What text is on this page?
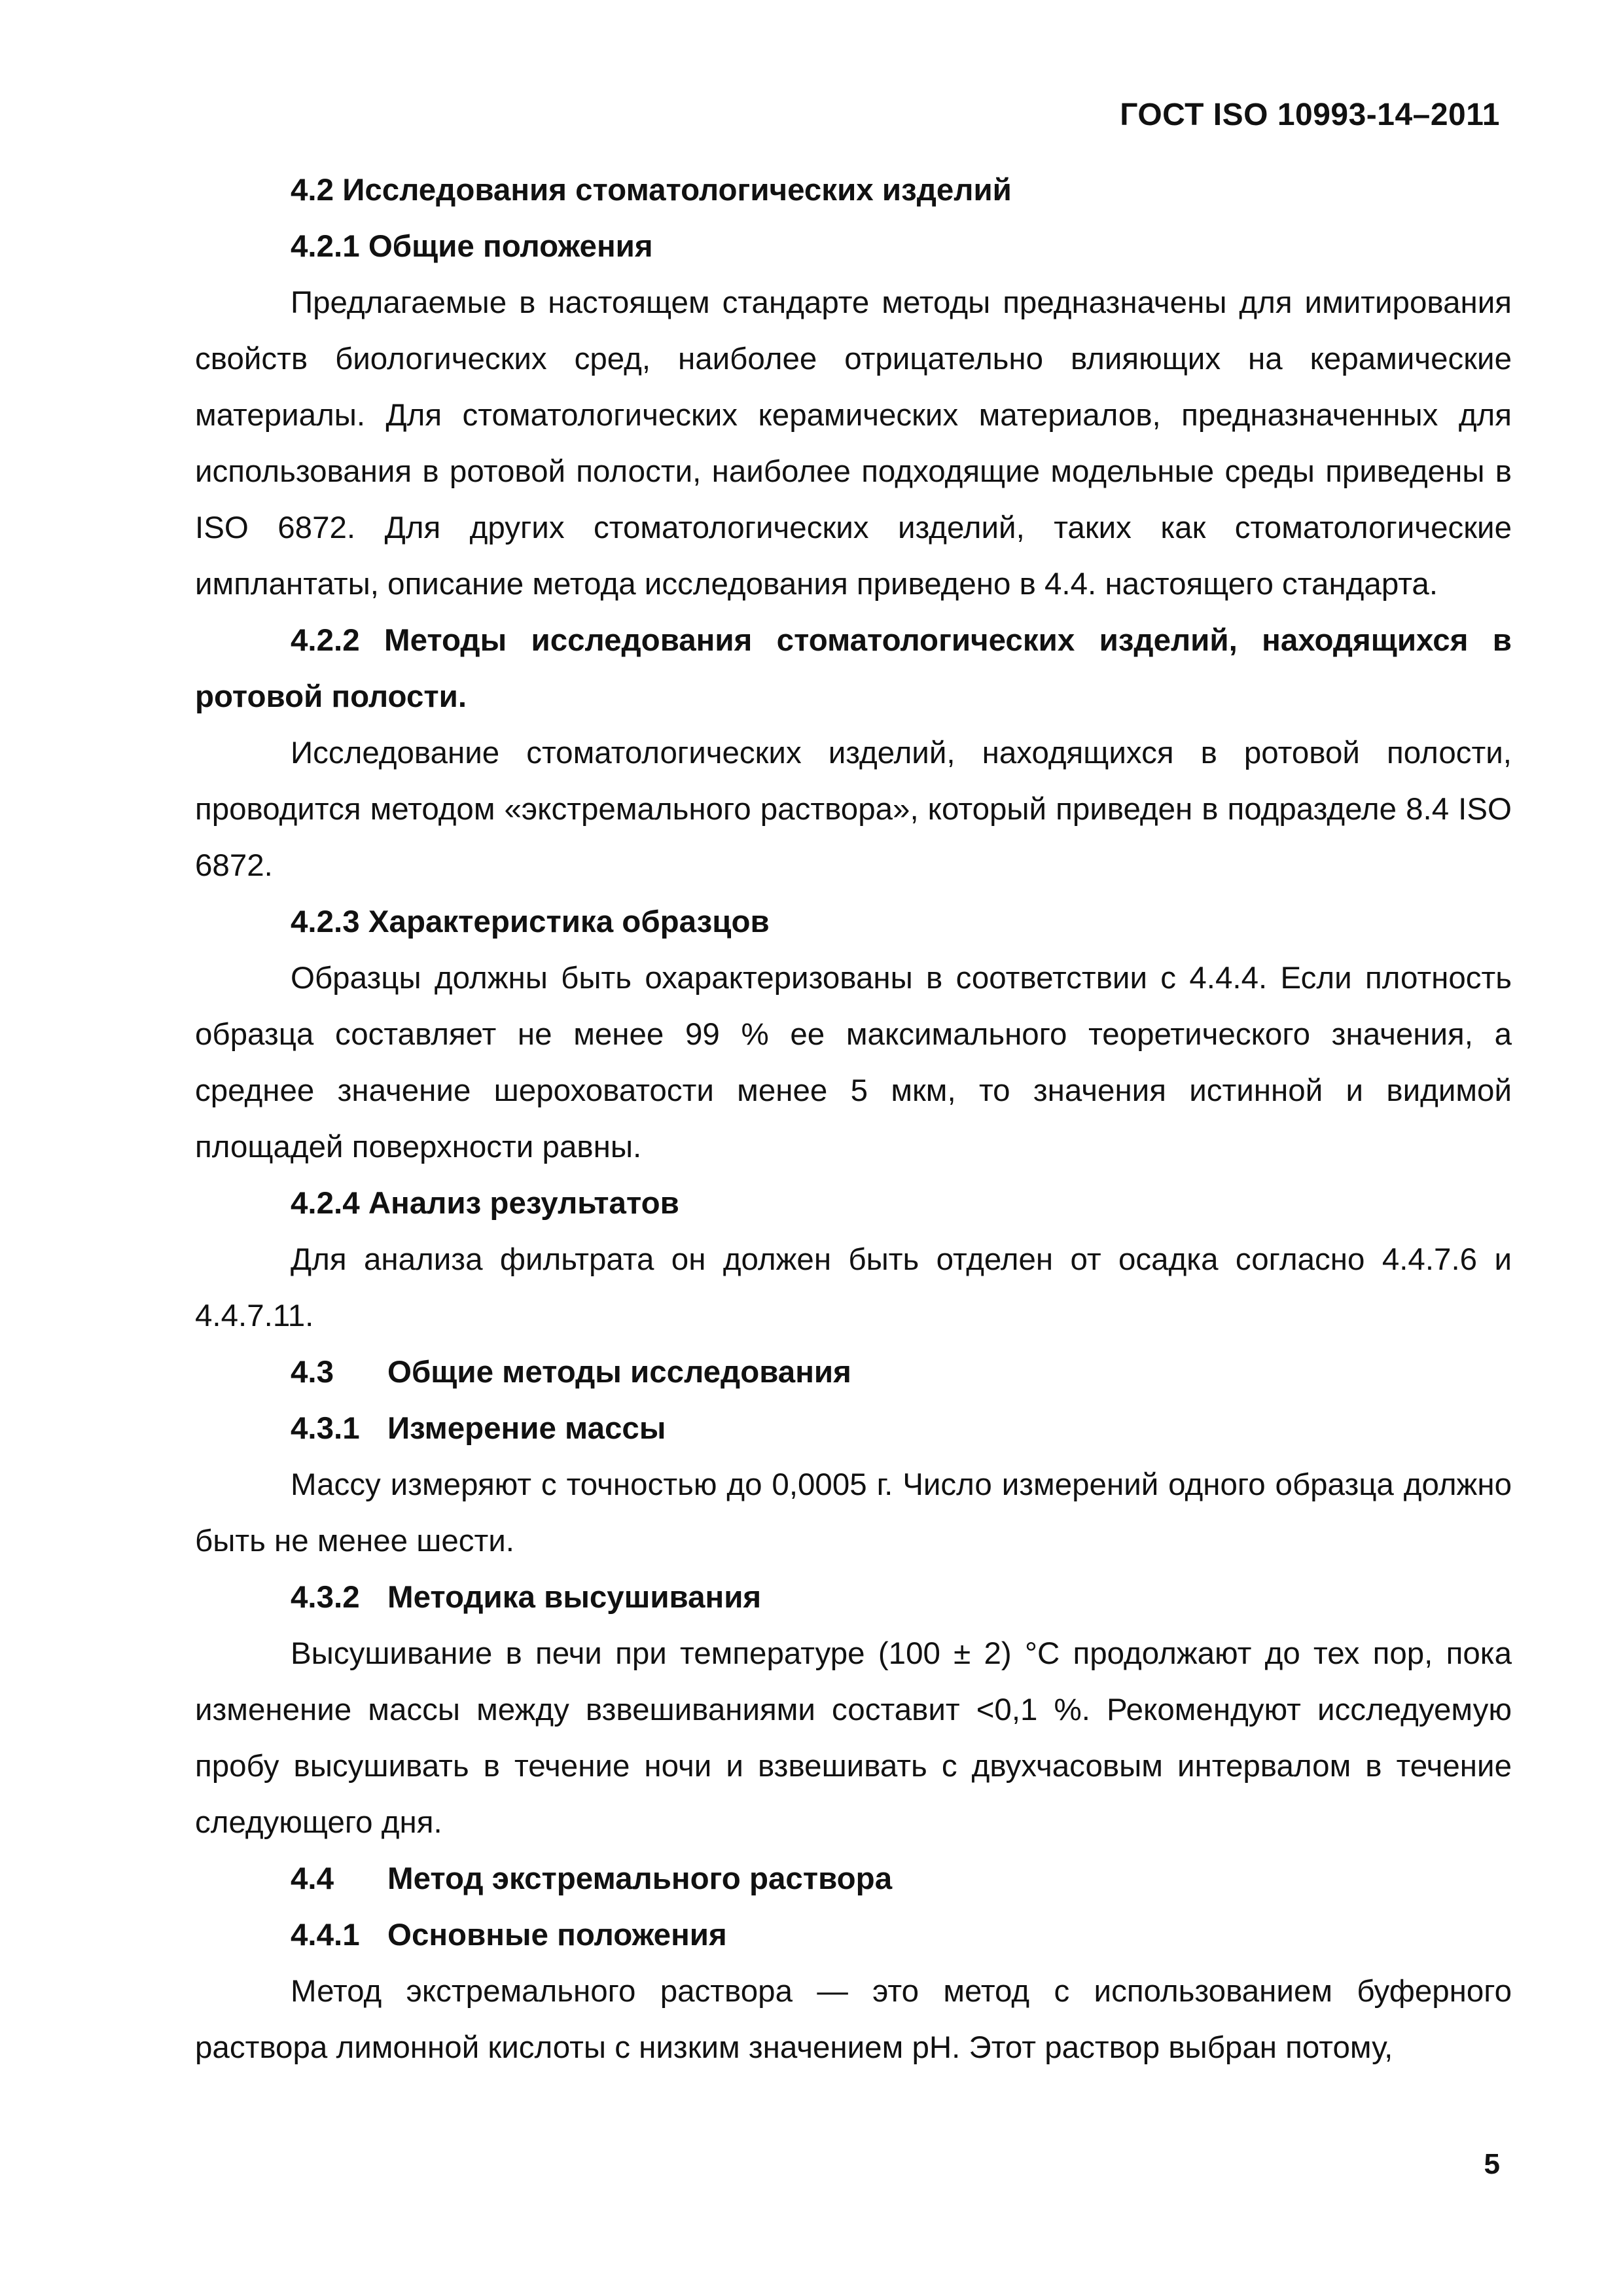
ГОСТ ISO 10993-14–2011
4.2 Исследования стоматологических изделий
4.2.1 Общие положения

Предлагаемые в настоящем стандарте методы предназначены для имитирования свойств биологических сред, наиболее отрицательно влияющих на керамические материалы. Для стоматологических керамических материалов, предназначенных для использования в ротовой полости, наиболее подходящие модельные среды приведены в ISO 6872. Для других стоматологических изделий, таких как стоматологические имплантаты, описание метода исследования приведено в 4.4. настоящего стандарта.

4.2.2 Методы исследования стоматологических изделий, находящихся в ротовой полости.

Исследование стоматологических изделий, находящихся в ротовой полости, проводится методом «экстремального раствора», который приведен в подразделе 8.4 ISO 6872.

4.2.3 Характеристика образцов

Образцы должны быть охарактеризованы в соответствии с 4.4.4. Если плотность образца составляет не менее 99 % ее максимального теоретического значения, а среднее значение шероховатости менее 5 мкм, то значения истинной и видимой площадей поверхности равны.

4.2.4 Анализ результатов

Для анализа фильтрата он должен быть отделен от осадка согласно 4.4.7.6 и 4.4.7.11.

4.3 Общие методы исследования
4.3.1 Измерение массы

Массу измеряют с точностью до 0,0005 г. Число измерений одного образца должно быть не менее шести.

4.3.2 Методика высушивания

Высушивание в печи при температуре (100 ± 2) °С продолжают до тех пор, пока изменение массы между взвешиваниями составит <0,1 %. Рекомендуют исследуемую пробу высушивать в течение ночи и взвешивать с двухчасовым интервалом в течение следующего дня.

4.4 Метод экстремального раствора
4.4.1 Основные положения

Метод экстремального раствора — это метод с использованием буферного раствора лимонной кислоты с низким значением pH. Этот раствор выбран потому,

5
